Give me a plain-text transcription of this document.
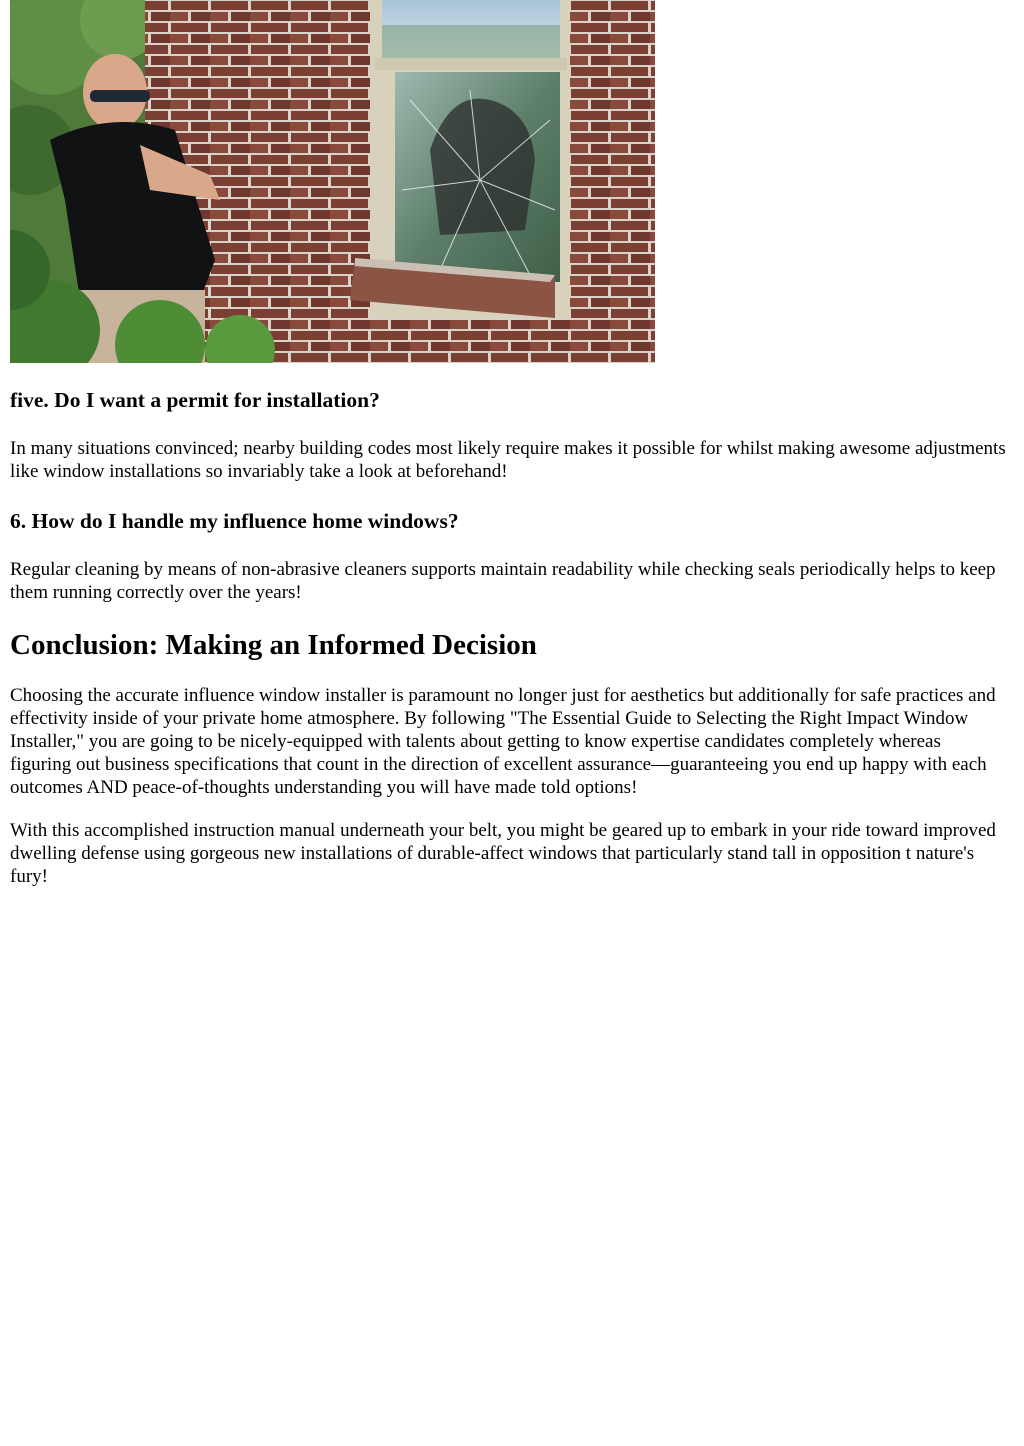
five. Do I want a permit for installation?

In many situations convinced; nearby building codes most likely require makes it possible for whilst making awesome adjustments like window installations so invariably take a look at beforehand!

6. How do I handle my influence home windows?

Regular cleaning by means of non-abrasive cleaners supports maintain readability while checking seals periodically helps to keep them running correctly over the years!

Conclusion: Making an Informed Decision

Choosing the accurate influence window installer is paramount no longer just for aesthetics but additionally for safe practices and effectivity inside of your private home atmosphere. By following "The Essential Guide to Selecting the Right Impact Window Installer," you are going to be nicely-equipped with talents about getting to know expertise candidates completely whereas figuring out business specifications that count in the direction of excellent assurance—guaranteeing you end up happy with each outcomes AND peace-of-thoughts understanding you will have made told options!

With this accomplished instruction manual underneath your belt, you might be geared up to embark in your ride toward improved dwelling defense using gorgeous new installations of durable-affect windows that particularly stand tall in opposition t nature's fury!
